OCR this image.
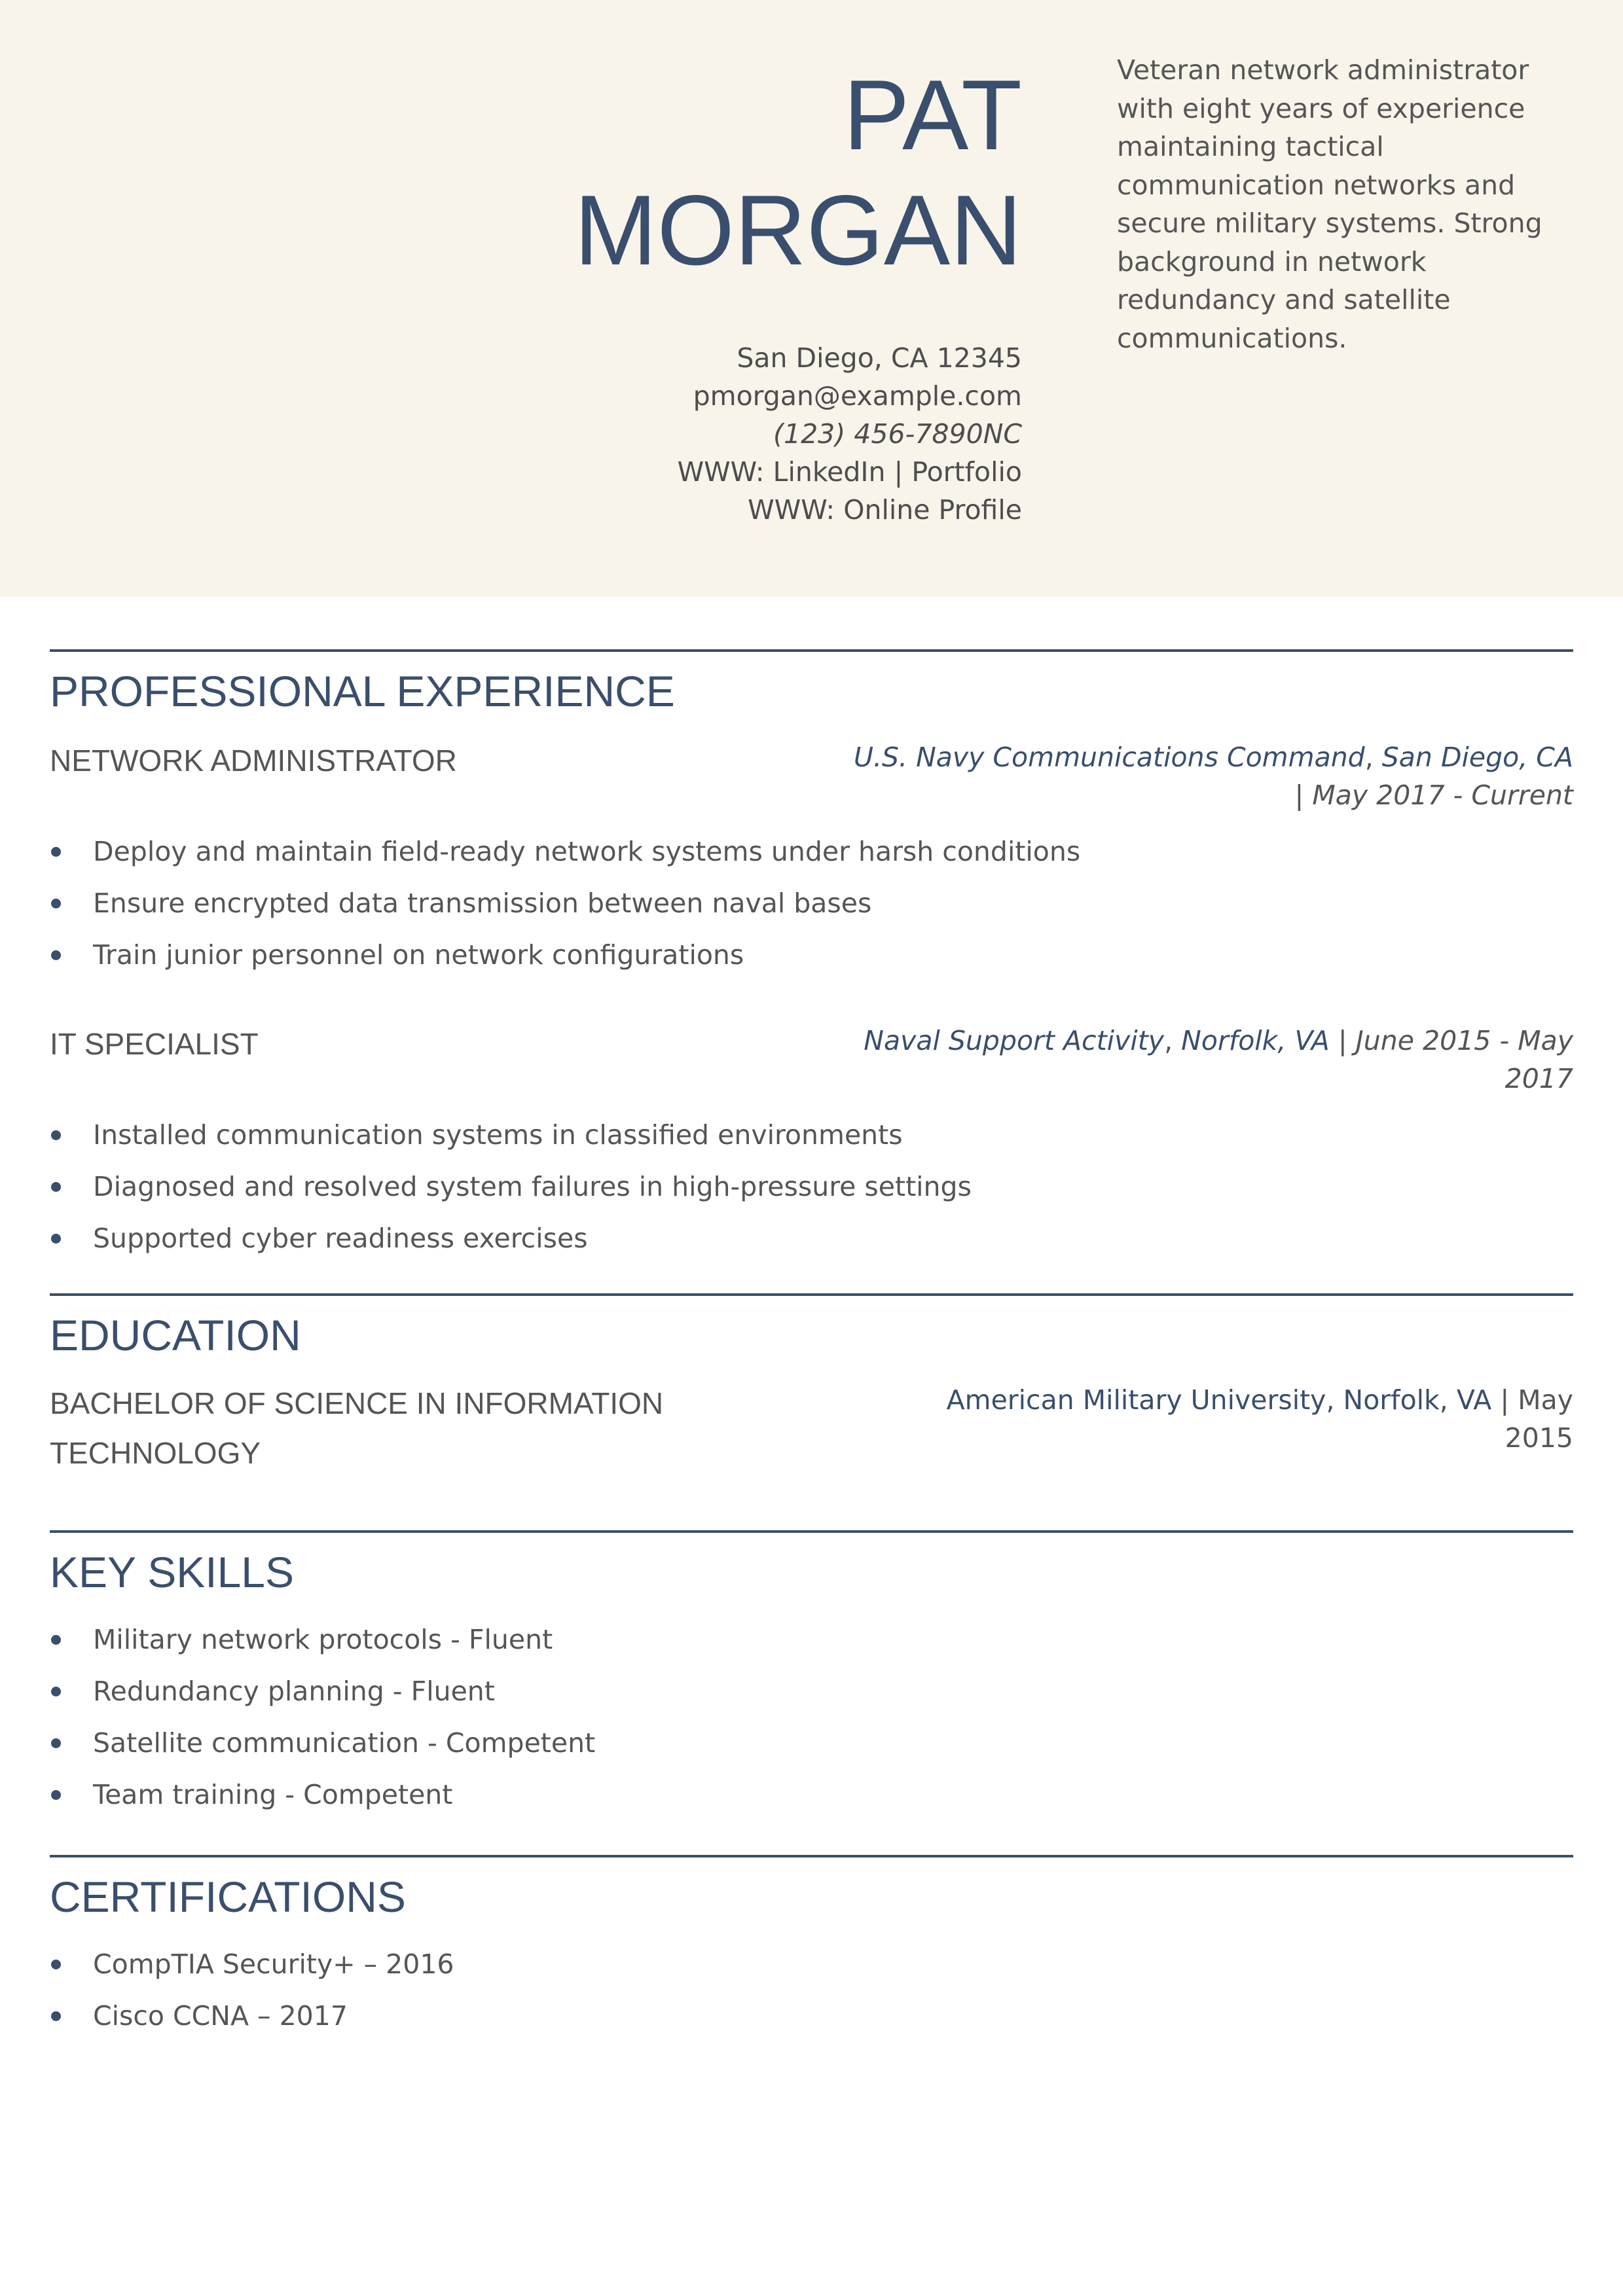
PAT
MORGAN
San Diego, CA 12345
pmorgan@example.com
(123) 456-7890NC
WWW: LinkedIn | Portfolio
WWW: Online Profile
Veteran network administrator with eight years of experience maintaining tactical communication networks and secure military systems. Strong background in network redundancy and satellite communications.
PROFESSIONAL EXPERIENCE
NETWORK ADMINISTRATOR	U.S. Navy Communications Command, San Diego, CA | May 2017 - Current
Deploy and maintain field-ready network systems under harsh conditions
Ensure encrypted data transmission between naval bases
Train junior personnel on network configurations
IT SPECIALIST	Naval Support Activity, Norfolk, VA | June 2015 - May 2017
Installed communication systems in classified environments
Diagnosed and resolved system failures in high-pressure settings
Supported cyber readiness exercises
EDUCATION
BACHELOR OF SCIENCE IN INFORMATION TECHNOLOGY
American Military University, Norfolk, VA | May 2015
KEY SKILLS
Military network protocols - Fluent
Redundancy planning - Fluent
Satellite communication - Competent
Team training - Competent
CERTIFICATIONS
CompTIA Security+ – 2016
Cisco CCNA – 2017
